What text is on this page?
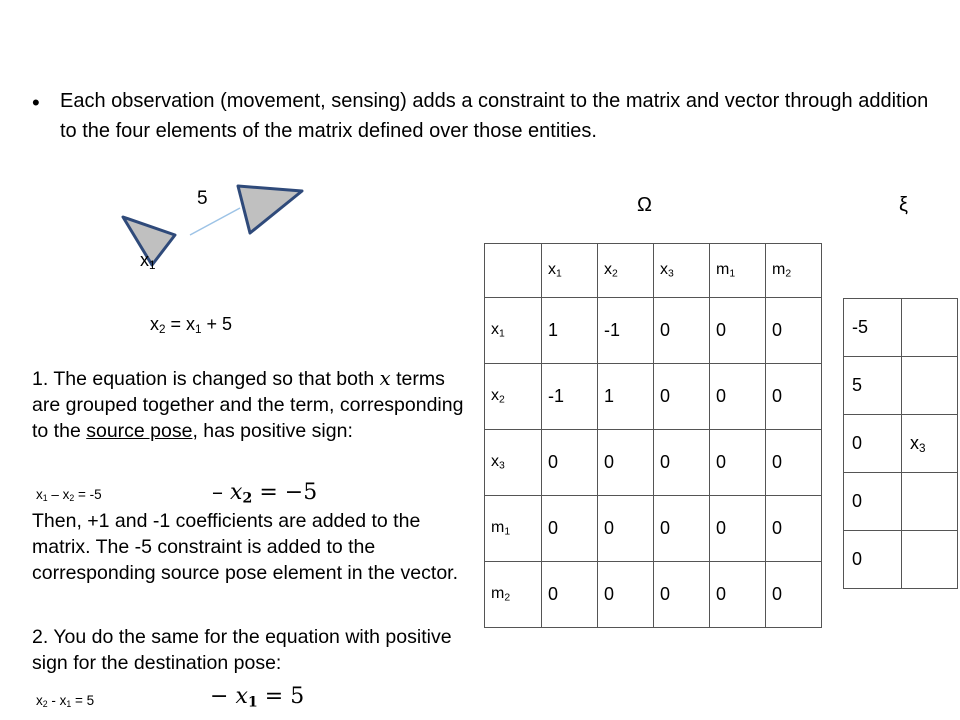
• Each observation (movement, sensing) adds a constraint to the matrix and vector through addition to the four elements of the matrix defined over those entities.
5
$x_1$
$x_2 = x_1 + 5$
1. The equation is changed so that both x terms are grouped together and the term, corresponding to the source pose, has positive sign:
$x_1 - x_2 = -5$	– $x_2 = -5$
Then, +1 and -1 coefficients are added to the matrix. The -5 constraint is added to the corresponding source pose element in the vector.
2. You do the same for the equation with positive sign for the destination pose:
$x_2 - x_1 = 5$	− $x_1 = 5$
Ω	ξ
	$x_1$	$x_2$	$x_3$	$m_1$	$m_2$
$x_1$	1	-1	0	0	0
$x_2$	-1	1	0	0	0
$x_3$	0	0	0	0	0
$m_1$	0	0	0	0	0
$m_2$	0	0	0	0	0
-5	
5	
0	$x_3$
0	
0	
